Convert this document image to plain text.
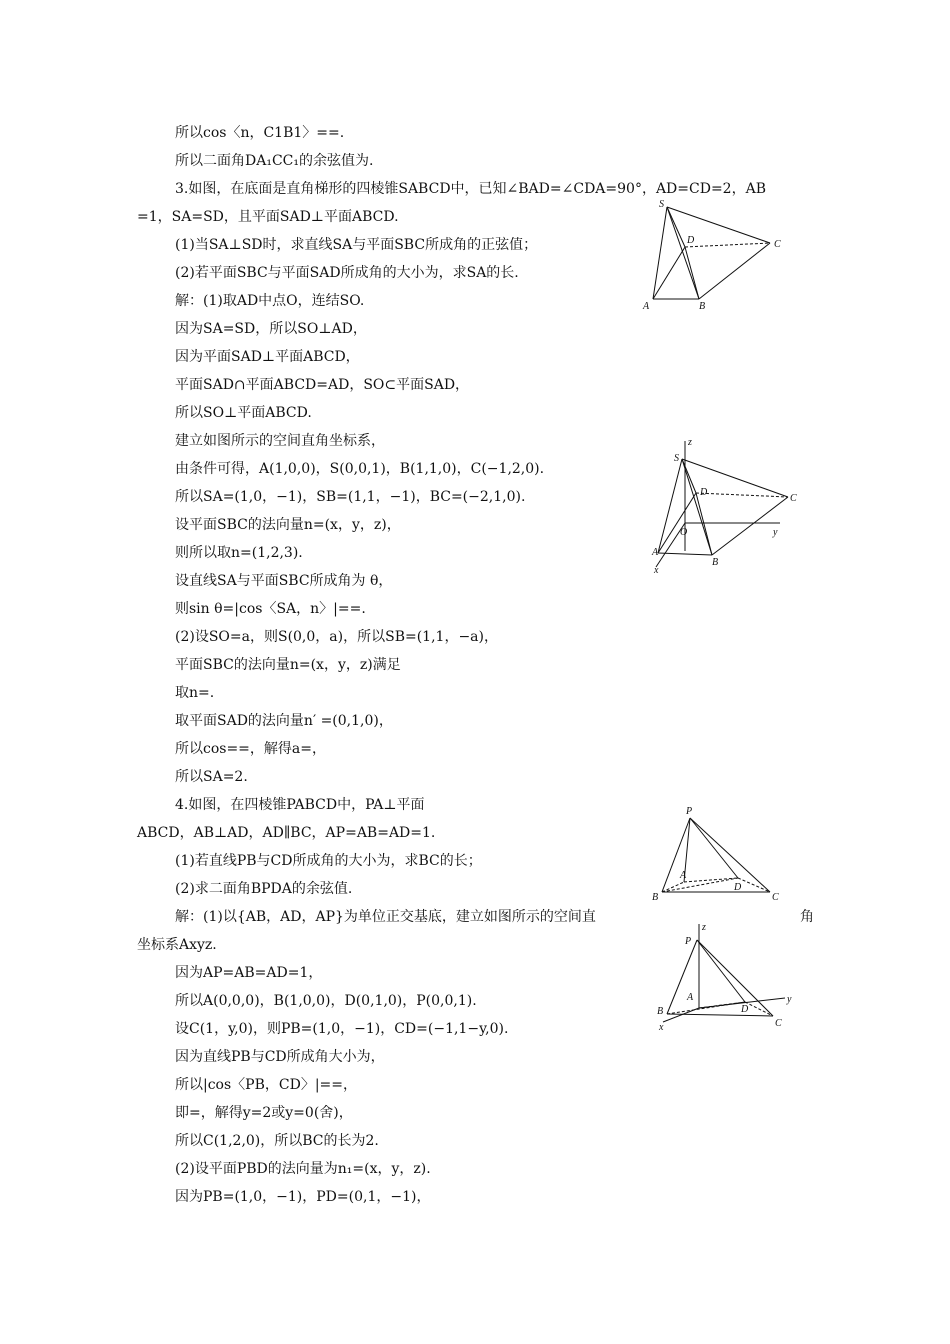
所以cos〈n，C1B1〉==.
所以二面角DA₁CC₁的余弦值为.
3.如图，在底面是直角梯形的四棱锥SABCD中，已知∠BAD=∠CDA=90°，AD=CD=2，AB
=1，SA=SD，且平面SAD⊥平面ABCD.
(1)当SA⊥SD时，求直线SA与平面SBC所成角的正弦值；
(2)若平面SBC与平面SAD所成角的大小为，求SA的长.
解：(1)取AD中点O，连结SO.
因为SA=SD，所以SO⊥AD，
因为平面SAD⊥平面ABCD，
平面SAD∩平面ABCD=AD，SO⊂平面SAD，
所以SO⊥平面ABCD.
建立如图所示的空间直角坐标系，
由条件可得，A(1,0,0)，S(0,0,1)，B(1,1,0)，C(−1,2,0).
所以SA=(1,0，−1)，SB=(1,1，−1)，BC=(−2,1,0).
设平面SBC的法向量n=(x，y，z)，
则所以取n=(1,2,3).
设直线SA与平面SBC所成角为 θ，
则sin θ=|cos〈SA，n〉|==.
(2)设SO=a，则S(0,0，a)，所以SB=(1,1，−a)，
平面SBC的法向量n=(x，y，z)满足
取n=.
取平面SAD的法向量n′ =(0,1,0)，
所以cos==，解得a=，
所以SA=2.
4.如图，在四棱锥PABCD中，PA⊥平面
ABCD，AB⊥AD，AD∥BC，AP=AB=AD=1.
(1)若直线PB与CD所成角的大小为，求BC的长；
(2)求二面角BPDA的余弦值.
解：(1)以{AB，AD，AP}为单位正交基底，建立如图所示的空间直	角
坐标系Axyz.
因为AP=AB=AD=1，
所以A(0,0,0)，B(1,0,0)，D(0,1,0)，P(0,0,1).
设C(1，y,0)，则PB=(1,0，−1)，CD=(−1,1−y,0).
因为直线PB与CD所成角大小为，
所以|cos〈PB，CD〉|==，
即=，解得y=2或y=0(舍)，
所以C(1,2,0)，所以BC的长为2.
(2)设平面PBD的法向量为n₁=(x，y，z).
因为PB=(1,0，−1)，PD=(0,1，−1)，
S
D	C
A	B
z
S
D
C
O	y
A
B
x
P
A
D
B	C
z
P
A	y
B	D
C
x
